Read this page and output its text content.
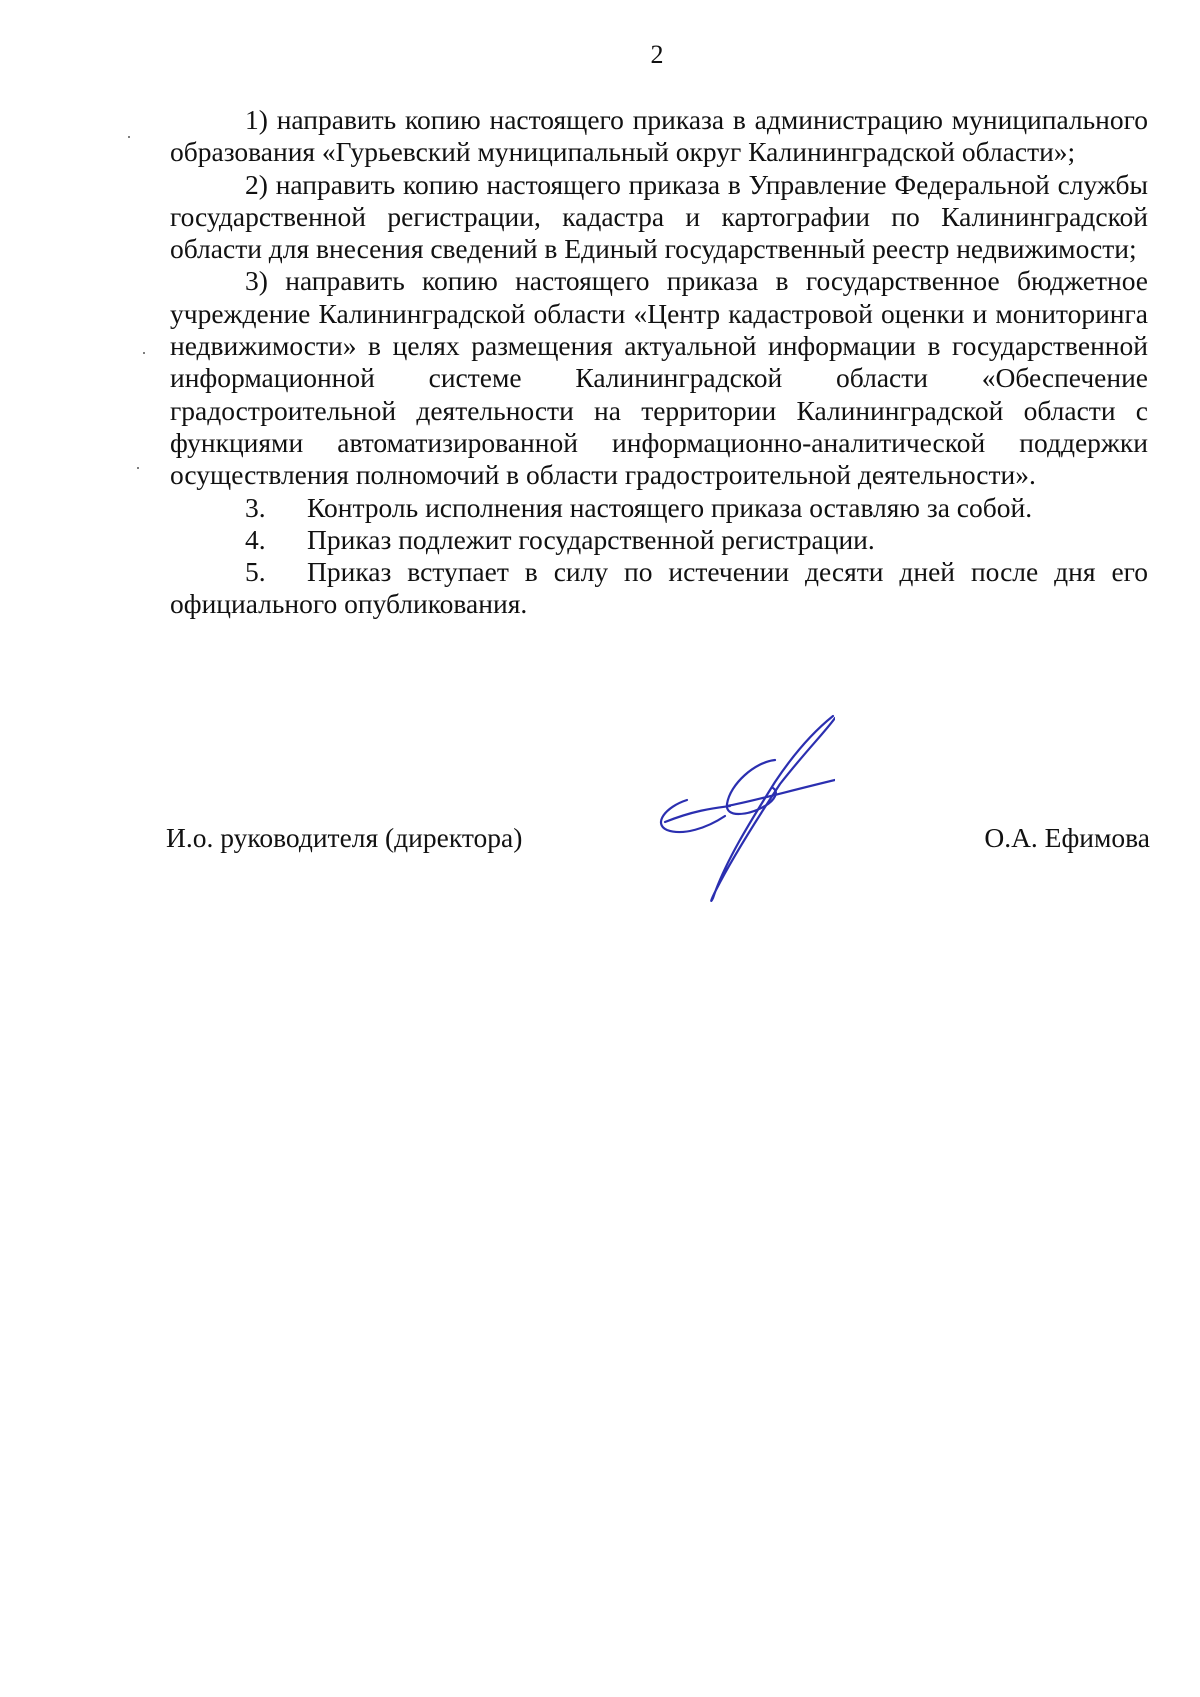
2

1) направить копию настоящего приказа в администрацию муниципального образования «Гурьевский муниципальный округ Калининградской области»;

2) направить копию настоящего приказа в Управление Федеральной службы государственной регистрации, кадастра и картографии по Калининградской области для внесения сведений в Единый государственный реестр недвижимости;

3) направить копию настоящего приказа в государственное бюджетное учреждение Калининградской области «Центр кадастровой оценки и мониторинга недвижимости» в целях размещения актуальной информации в государственной информационной системе Калининградской области «Обеспечение градостроительной деятельности на территории Калининградской области с функциями автоматизированной информационно-аналитической поддержки осуществления полномочий в области градостроительной деятельности».

3. Контроль исполнения настоящего приказа оставляю за собой.

4. Приказ подлежит государственной регистрации.

5. Приказ вступает в силу по истечении десяти дней после дня его официального опубликования.

И.о. руководителя (директора)	О.А. Ефимова
